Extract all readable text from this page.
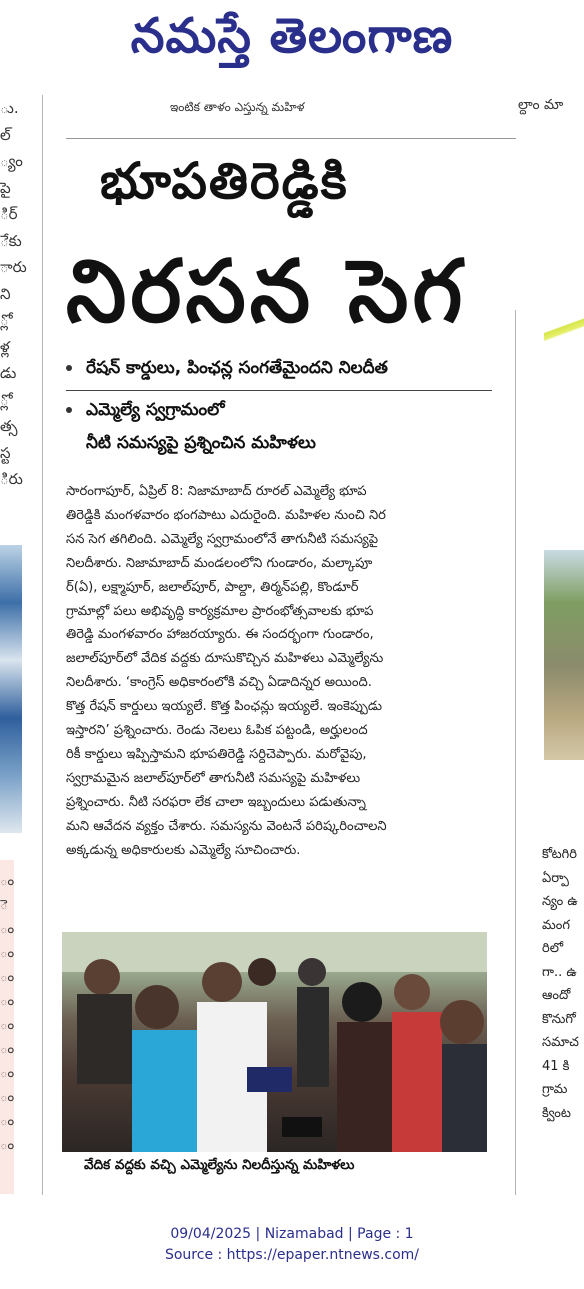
నమస్తే తెలంగాణ
ఇంటిక తాళం ఎస్తున్న మహిళ	ల్దాం మా
ు.
ల్
్యం
పై
ిర్
ేకు
ారు
ని
్లో
ళ్ల
డు
్లో
త్స
స్ట
ిరు
ం
ె
ం
ం
ం
ం
ం
ం
ం
ం
ం
ం
భూపతిరెడ్డికి
నిరసన సెగ
రేషన్ కార్డులు, పింఛన్ల సంగతేమైందని నిలదీత
ఎమ్మెల్యే స్వగ్రామంలో
నీటి సమస్యపై ప్రశ్నించిన మహిళలు
సారంగాపూర్, ఏప్రిల్ 8: నిజామాబాద్ రూరల్ ఎమ్మెల్యే భూప
తిరెడ్డికి మంగళవారం భంగపాటు ఎదురైంది. మహిళల నుంచి నిర
సన సెగ తగిలింది. ఎమ్మెల్యే స్వగ్రామంలోనే తాగునీటి సమస్యపై
నిలదీశారు. నిజామాబాద్ మండలంలోని గుండారం, మల్కాపూ
ర్(ఏ), లక్ష్మాపూర్, జలాల్‌పూర్, పాల్దా, తిర్మన్‌పల్లి, కొండూర్
గ్రామాల్లో పలు అభివృద్ధి కార్యక్రమాల ప్రారంభోత్సవాలకు భూప
తిరెడ్డి మంగళవారం హాజరయ్యారు. ఈ సందర్భంగా గుండారం,
జలాల్‌పూర్‌లో వేదిక వద్దకు దూసుకొచ్చిన మహిళలు ఎమ్మెల్యేను
నిలదీశారు. ‘కాంగ్రెస్ అధికారంలోకి వచ్చి ఏడాదిన్నర అయింది.
కొత్త రేషన్ కార్డులు ఇయ్యలే. కొత్త పింఛన్లు ఇయ్యలే. ఇంకెప్పుడు
ఇస్తారని’ ప్రశ్నించారు. రెండు నెలలు ఓపిక పట్టండి, అర్హులంద
రికీ కార్డులు ఇప్పిస్తామని భూపతిరెడ్డి సర్దిచెప్పారు. మరోవైపు,
స్వగ్రామమైన జలాల్‌పూర్‌లో తాగునీటి సమస్యపై మహిళలు
ప్రశ్నించారు. నీటి సరఫరా లేక చాలా ఇబ్బందులు పడుతున్నా
మని ఆవేదన వ్యక్తం చేశారు. సమస్యను వెంటనే పరిష్కరించాలని
అక్కడున్న అధికారులకు ఎమ్మెల్యే సూచించారు.
వేదిక వద్దకు వచ్చి ఎమ్మెల్యేను నిలదీస్తున్న మహిళలు
కోటగిరి
ఏర్పా
న్యం ఉ
మంగ
రిలో
గా.. ఉ
ఆందో
కొనుగో
సమాచ
41 కి
గ్రామ
క్వింట
09/04/2025 | Nizamabad | Page : 1
Source : https://epaper.ntnews.com/
